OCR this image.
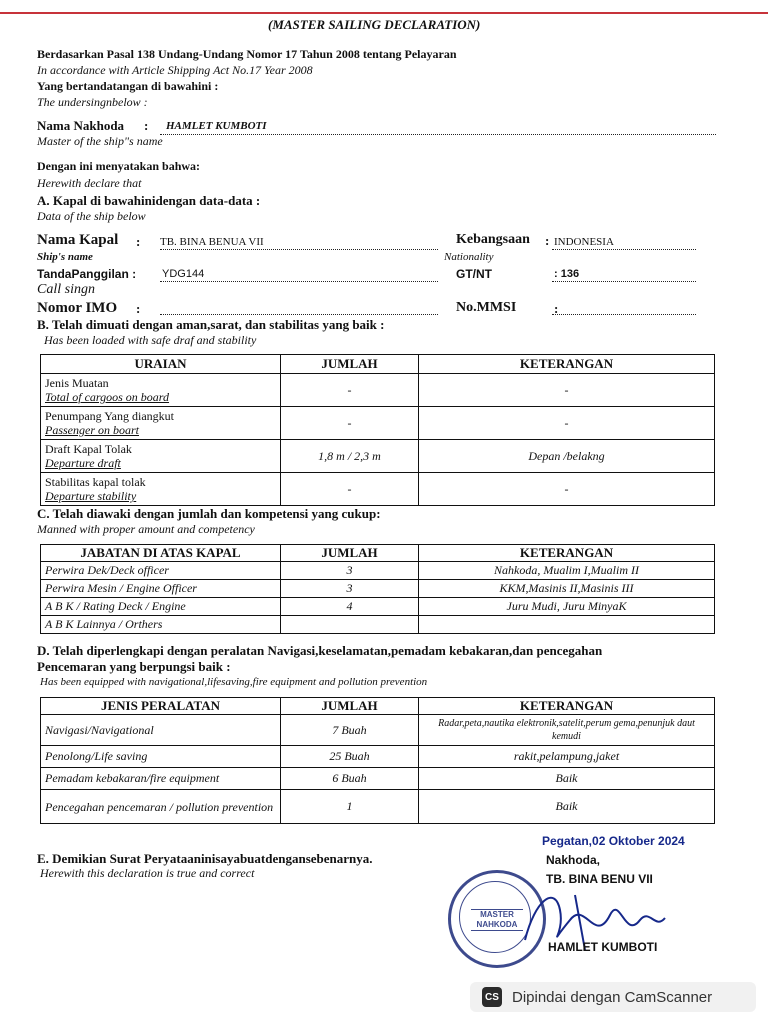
(MASTER SAILING DECLARATION)
Berdasarkan Pasal 138 Undang-Undang Nomor 17 Tahun 2008 tentang Pelayaran
In accordance with Article Shipping Act No.17 Year 2008
Yang bertandatangan di bawahini :
The undersingnbelow :
Nama Nakhoda : HAMLET KUMBOTI
Master of the ship"s name
Dengan ini menyatakan bahwa:
Herewith declare that
A. Kapal di bawahinidengan data-data :
Data of the ship below
Nama Kapal : TB. BINA BENUA VII
Ship's name
Kebangsaan : INDONESIA
Nationality
TandaPanggilan : YDG144
Call singn
GT/NT	: 136
Nomor IMO :	No.MMSI	:
B. Telah dimuati dengan aman,sarat, dan stabilitas yang baik :
Has been loaded with safe draf and stability
URAIAN	JUMLAH	KETERANGAN

Jenis Muatan
Total of cargoos on board	-	-

Penumpang Yang diangkut
Passenger on boart	-	-

Draft Kapal Tolak
Departure draft	1,8 m / 2,3 m	Depan /belakng

Stabilitas kapal tolak
Departure stability	-	-
C. Telah diawaki dengan jumlah dan kompetensi yang cukup:
Manned with proper amount and competency
JABATAN DI ATAS KAPAL	JUMLAH	KETERANGAN
Perwira Dek/Deck officer	3	Nahkoda, Mualim I,Mualim II
Perwira Mesin / Engine Officer	3	KKM,Masinis II,Masinis III
A B K / Rating Deck / Engine	4	Juru Mudi, Juru MinyaK
A B K Lainnya / Orthers		
D. Telah diperlengkapi dengan peralatan Navigasi,keselamatan,pemadam kebakaran,dan pencegahan
Pencemaran yang berpungsi baik :
Has been equipped with navigational,lifesaving,fire equipment and pollution prevention
JENIS PERALATAN	JUMLAH	KETERANGAN
Navigasi/Navigational	7 Buah	Radar,peta,nautika elektronik,satelit,perum gema,penunjuk daut kemudi
Penolong/Life saving	25 Buah	rakit,pelampung,jaket
Pemadam kebakaran/fire equipment	6 Buah	Baik
Pencegahan pencemaran / pollution prevention	1	Baik
E. Demikian Surat Peryataaninisayabuatdengansebenarnya.
Herewith this declaration is true and correct
Pegatan,02 Oktober 2024
Nakhoda,
TB. BINA BENU VII
MASTER NAHKODA
HAMLET KUMBOTI
CS Dipindai dengan CamScanner
